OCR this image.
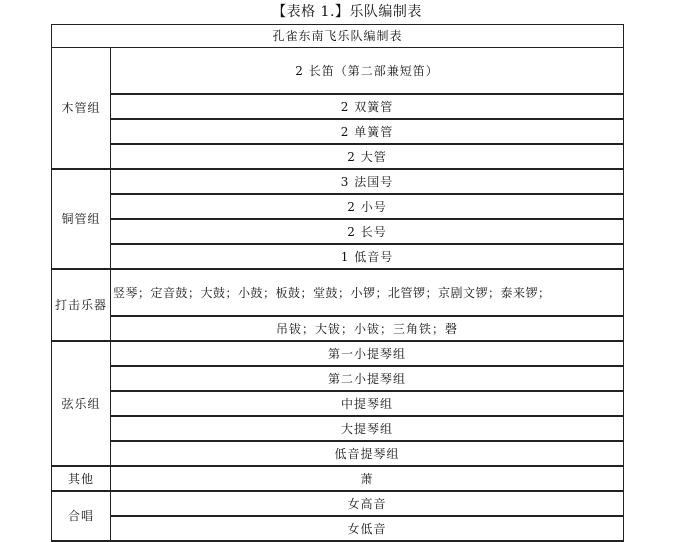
【表格 1.】乐队编制表
孔雀东南飞乐队编制表	
木管组	2 长笛（第二部兼短笛）
	2 双簧管
	2 单簧管
	2 大管
铜管组	3 法国号
	2 小号
	2 长号
	1 低音号
打击乐器	竖琴；定音鼓；大鼓；小鼓；板鼓；堂鼓；小锣；北管锣；京剧文锣；泰来锣；
	吊钹；大钹；小钹；三角铁；磬
弦乐组	第一小提琴组
	第二小提琴组
	中提琴组
	大提琴组
	低音提琴组
其他	萧
合唱	女高音
	女低音
